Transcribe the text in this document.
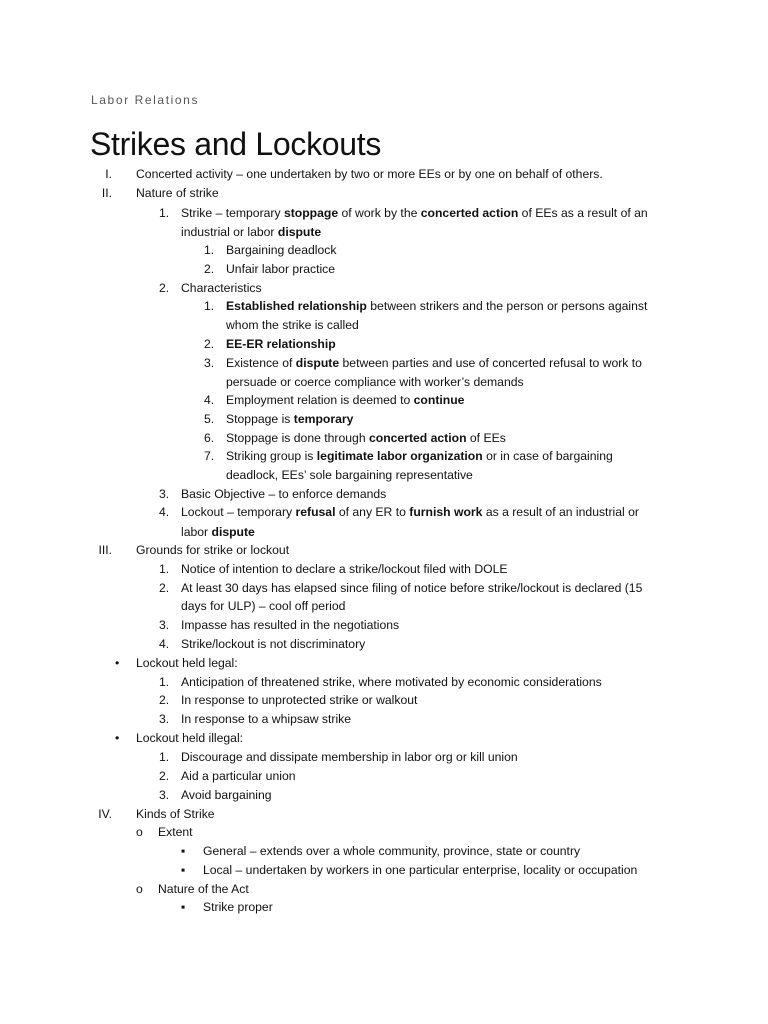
Labor Relations
Strikes and Lockouts
I. Concerted activity – one undertaken by two or more EEs or by one on behalf of others.
II. Nature of strike
1. Strike – temporary stoppage of work by the concerted action of EEs as a result of an
industrial or labor dispute
1. Bargaining deadlock
2. Unfair labor practice
2. Characteristics
1. Established relationship between strikers and the person or persons against
whom the strike is called
2. EE-ER relationship
3. Existence of dispute between parties and use of concerted refusal to work to
persuade or coerce compliance with worker’s demands
4. Employment relation is deemed to continue
5. Stoppage is temporary
6. Stoppage is done through concerted action of EEs
7. Striking group is legitimate labor organization or in case of bargaining
deadlock, EEs’ sole bargaining representative
3. Basic Objective – to enforce demands
4. Lockout – temporary refusal of any ER to furnish work as a result of an industrial or
labor dispute
III. Grounds for strike or lockout
1. Notice of intention to declare a strike/lockout filed with DOLE
2. At least 30 days has elapsed since filing of notice before strike/lockout is declared (15
days for ULP) – cool off period
3. Impasse has resulted in the negotiations
4. Strike/lockout is not discriminatory
• Lockout held legal:
1. Anticipation of threatened strike, where motivated by economic considerations
2. In response to unprotected strike or walkout
3. In response to a whipsaw strike
• Lockout held illegal:
1. Discourage and dissipate membership in labor org or kill union
2. Aid a particular union
3. Avoid bargaining
IV. Kinds of Strike
o Extent
▪ General – extends over a whole community, province, state or country
▪ Local – undertaken by workers in one particular enterprise, locality or occupation
o Nature of the Act
▪ Strike proper
